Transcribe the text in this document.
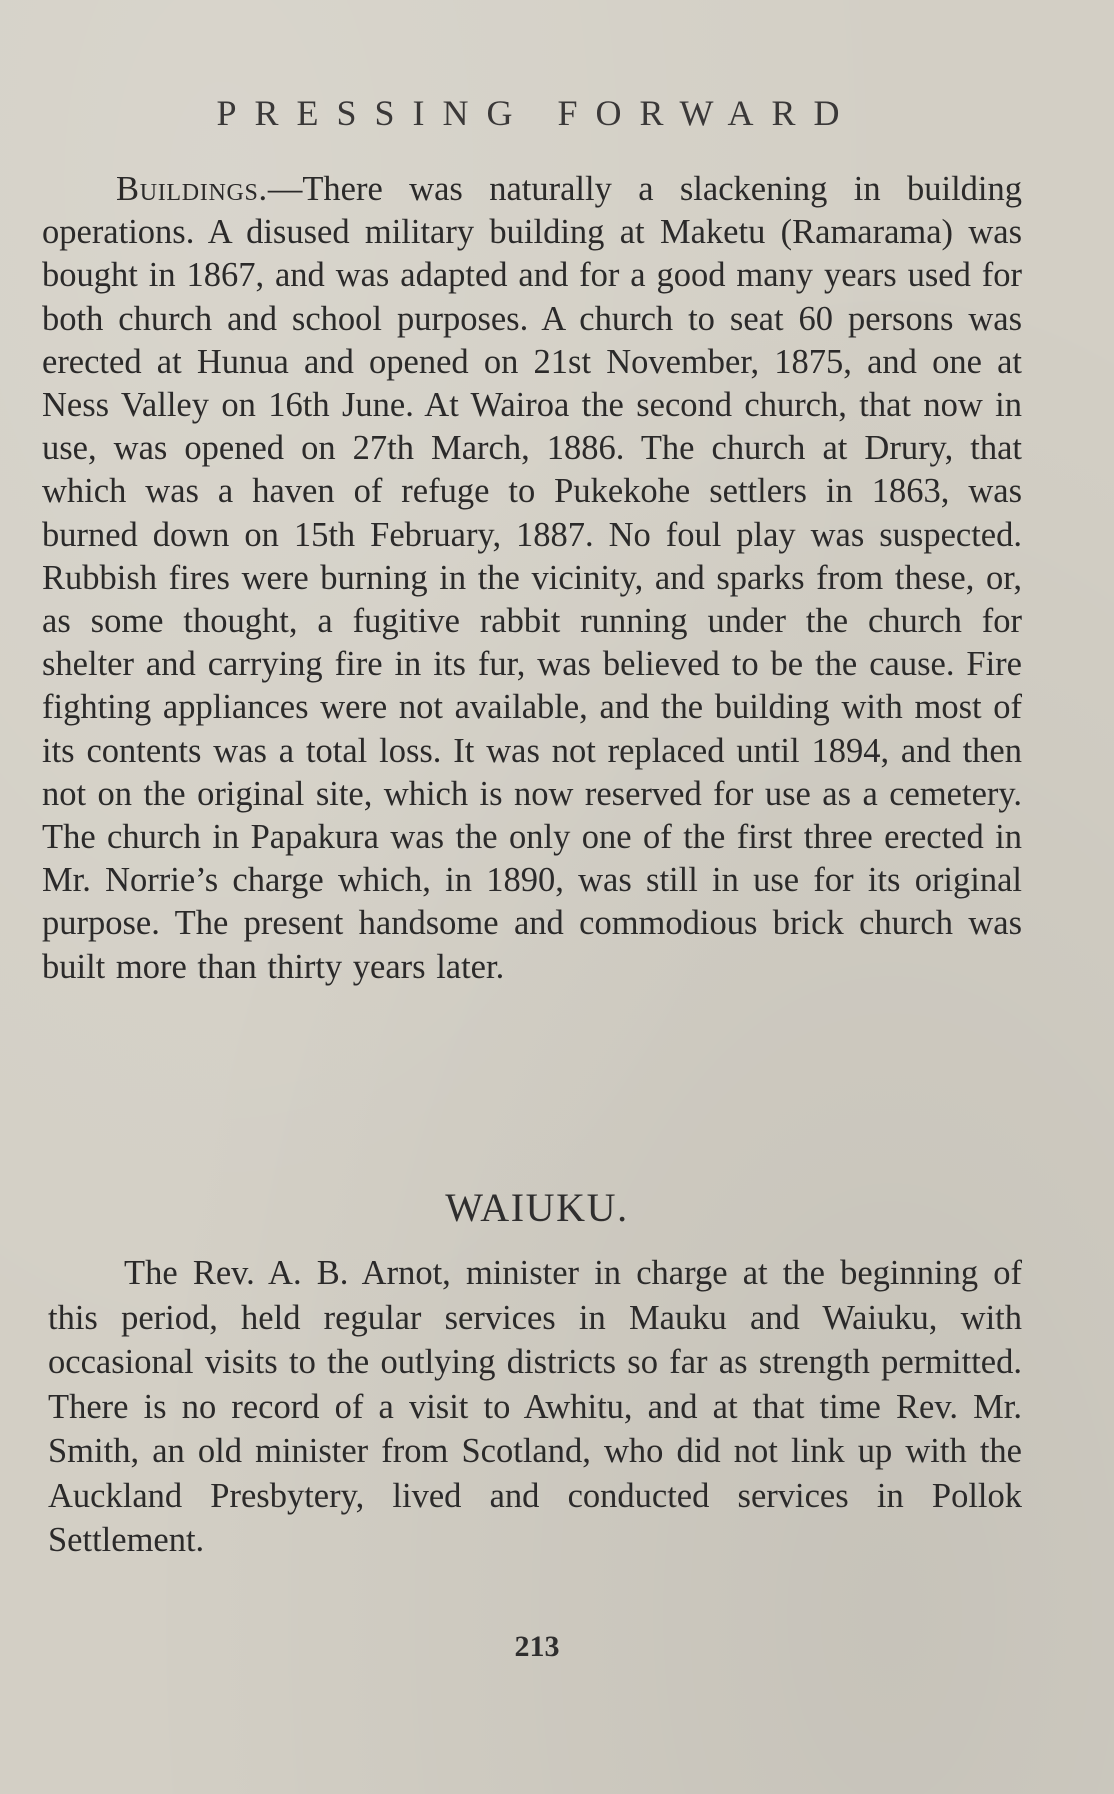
PRESSING FORWARD

Buildings.—There was naturally a slackening in building operations. A disused military building at Maketu (Ramarama) was bought in 1867, and was adapted and for a good many years used for both church and school purposes. A church to seat 60 persons was erected at Hunua and opened on 21st November, 1875, and one at Ness Valley on 16th June. At Wairoa the second church, that now in use, was opened on 27th March, 1886. The church at Drury, that which was a haven of refuge to Pukekohe settlers in 1863, was burned down on 15th February, 1887. No foul play was suspected. Rubbish fires were burning in the vicinity, and sparks from these, or, as some thought, a fugitive rabbit running under the church for shelter and carrying fire in its fur, was believed to be the cause. Fire fighting appliances were not available, and the building with most of its contents was a total loss. It was not replaced until 1894, and then not on the original site, which is now reserved for use as a cemetery. The church in Papakura was the only one of the first three erected in Mr. Norrie’s charge which, in 1890, was still in use for its original purpose. The present handsome and commodious brick church was built more than thirty years later.

WAIUKU.

The Rev. A. B. Arnot, minister in charge at the beginning of this period, held regular services in Mauku and Waiuku, with occasional visits to the outlying districts so far as strength permitted. There is no record of a visit to Awhitu, and at that time Rev. Mr. Smith, an old minister from Scotland, who did not link up with the Auckland Presbytery, lived and conducted services in Pollok Settlement.

213
